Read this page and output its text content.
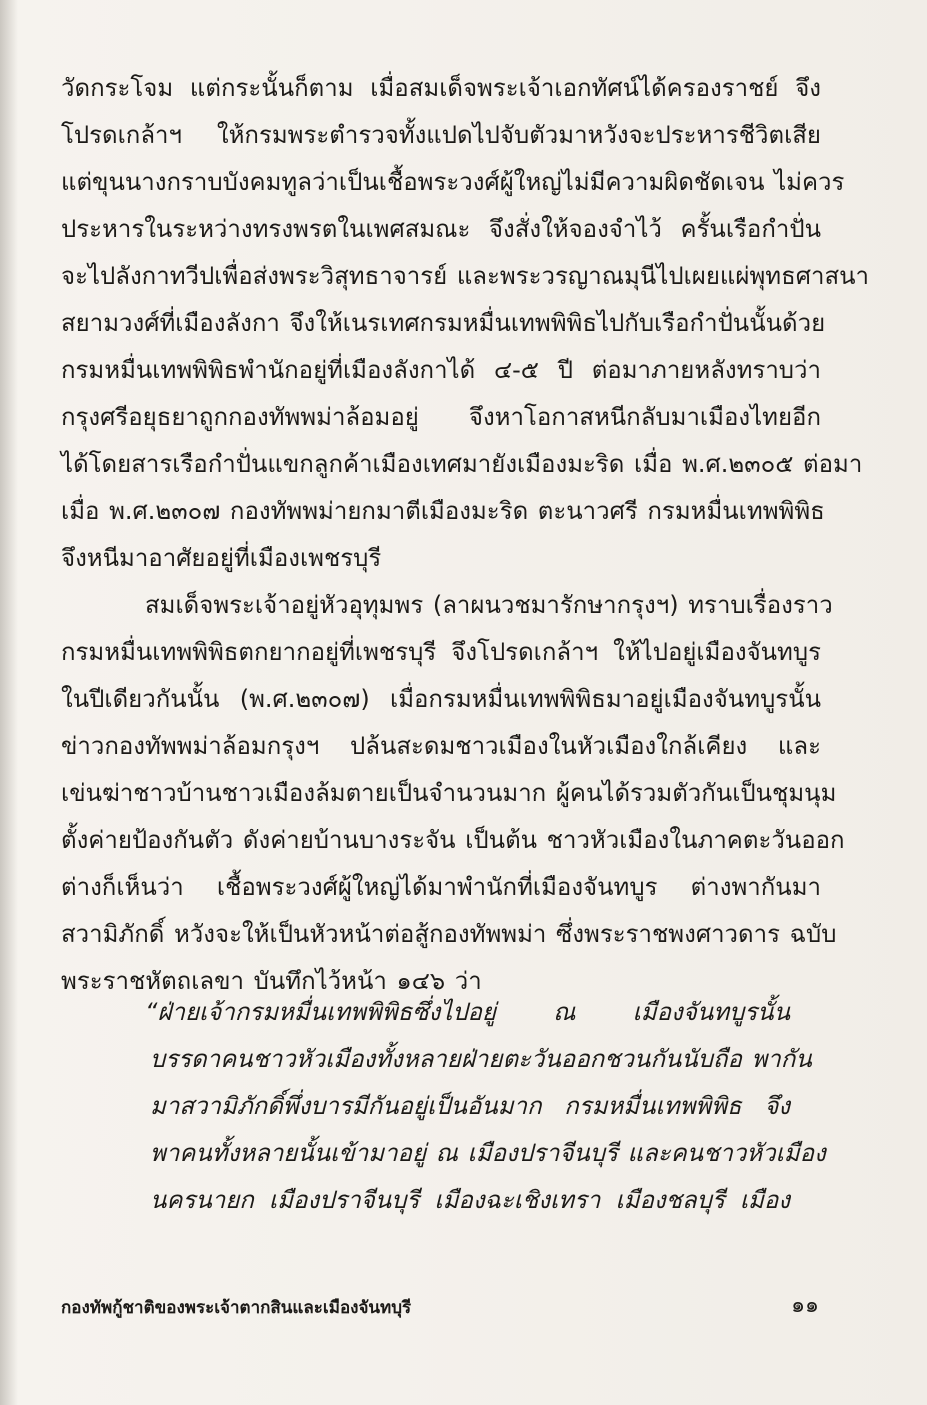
วัดกระโจม แต่กระนั้นก็ตาม เมื่อสมเด็จพระเจ้าเอกทัศน์ได้ครองราชย์ จึง
โปรดเกล้าฯ ให้กรมพระตำรวจทั้งแปดไปจับตัวมาหวังจะประหารชีวิตเสีย
แต่ขุนนางกราบบังคมทูลว่าเป็นเชื้อพระวงศ์ผู้ใหญ่ไม่มีความผิดชัดเจน ไม่ควร
ประหารในระหว่างทรงพรตในเพศสมณะ จึงสั่งให้จองจำไว้ ครั้นเรือกำปั่น
จะไปลังกาทวีปเพื่อส่งพระวิสุทธาจารย์ และพระวรญาณมุนีไปเผยแผ่พุทธศาสนา
สยามวงศ์ที่เมืองลังกา จึงให้เนรเทศกรมหมื่นเทพพิพิธไปกับเรือกำปั่นนั้นด้วย
กรมหมื่นเทพพิพิธพำนักอยู่ที่เมืองลังกาได้ ๔-๕ ปี ต่อมาภายหลังทราบว่า
กรุงศรีอยุธยาถูกกองทัพพม่าล้อมอยู่ จึงหาโอกาสหนีกลับมาเมืองไทยอีก
ได้โดยสารเรือกำปั่นแขกลูกค้าเมืองเทศมายังเมืองมะริด เมื่อ พ.ศ.๒๓๐๕ ต่อมา
เมื่อ พ.ศ.๒๓๐๗ กองทัพพม่ายกมาตีเมืองมะริด ตะนาวศรี กรมหมื่นเทพพิพิธ
จึงหนีมาอาศัยอยู่ที่เมืองเพชรบุรี
สมเด็จพระเจ้าอยู่หัวอุทุมพร (ลาผนวชมารักษากรุงฯ) ทราบเรื่องราว
กรมหมื่นเทพพิพิธตกยากอยู่ที่เพชรบุรี จึงโปรดเกล้าฯ ให้ไปอยู่เมืองจันทบูร
ในปีเดียวกันนั้น (พ.ศ.๒๓๐๗) เมื่อกรมหมื่นเทพพิพิธมาอยู่เมืองจันทบูรนั้น
ข่าวกองทัพพม่าล้อมกรุงฯ ปล้นสะดมชาวเมืองในหัวเมืองใกล้เคียง และ
เข่นฆ่าชาวบ้านชาวเมืองล้มตายเป็นจำนวนมาก ผู้คนได้รวมตัวกันเป็นชุมนุม
ตั้งค่ายป้องกันตัว ดังค่ายบ้านบางระจัน เป็นต้น ชาวหัวเมืองในภาคตะวันออก
ต่างก็เห็นว่า เชื้อพระวงศ์ผู้ใหญ่ได้มาพำนักที่เมืองจันทบูร ต่างพากันมา
สวามิภักดิ์ หวังจะให้เป็นหัวหน้าต่อสู้กองทัพพม่า ซึ่งพระราชพงศาวดาร ฉบับ
พระราชหัตถเลขา บันทึกไว้หน้า ๑๔๖ ว่า
“ฝ่ายเจ้ากรมหมื่นเทพพิพิธซึ่งไปอยู่ ณ เมืองจันทบูรนั้น
บรรดาคนชาวหัวเมืองทั้งหลายฝ่ายตะวันออกชวนกันนับถือ พากัน
มาสวามิภักดิ์พึ่งบารมีกันอยู่เป็นอันมาก กรมหมื่นเทพพิพิธ จึง
พาคนทั้งหลายนั้นเข้ามาอยู่ ณ เมืองปราจีนบุรี และคนชาวหัวเมือง
นครนายก เมืองปราจีนบุรี เมืองฉะเชิงเทรา เมืองชลบุรี เมือง
กองทัพกู้ชาติของพระเจ้าตากสินและเมืองจันทบุรี	๑๑
